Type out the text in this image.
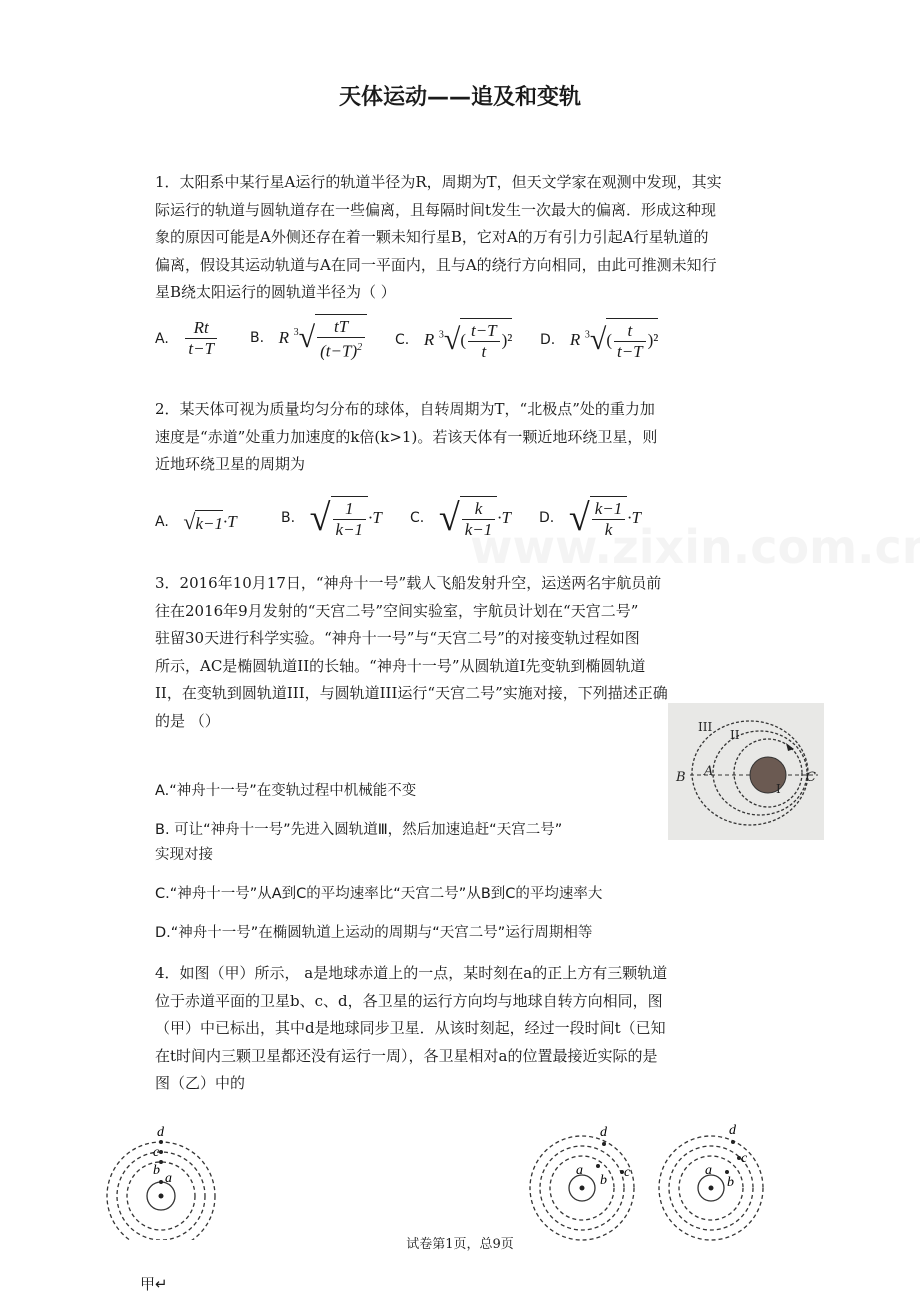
天体运动——追及和变轨
1．太阳系中某行星A运行的轨道半径为R，周期为T，但天文学家在观测中发现，其实
际运行的轨道与圆轨道存在一些偏离，且每隔时间t发生一次最大的偏离．形成这种现
象的原因可能是A外侧还存在着一颗未知行星B，它对A的万有引力引起A行星轨道的
偏离，假设其运动轨道与A在同一平面内，且与A的绕行方向相同，由此可推测未知行
星B绕太阳运行的圆轨道半径为（ ）
A. $\frac{Rt}{t-T} B$. R $^3√ \frac{tT}{(t-T)^2} C$. R $^3√( \frac{t-T}{t} )^2$ D. R $^3√( \frac{t}{t-T} )^2$
2．某天体可视为质量均匀分布的球体，自转周期为T，“北极点”处的重力加
速度是“赤道”处重力加速度的k倍(k>1)。若该天体有一颗近地环绕卫星，则
近地环绕卫星的周期为
A. √k−1·T	B. √ $\frac{1}{k-1} \cdot T$ C. √ $\frac{k}{k-1} \cdot T$ D. √ $\frac{k-1}{k} \cdot T$
3．2016年10月17日，“神舟十一号”载人飞船发射升空，运送两名宇航员前
往在2016年9月发射的“天宫二号”空间实验室，宇航员计划在“天宫二号”
驻留30天进行科学实验。“神舟十一号”与“天宫二号”的对接变轨过程如图
所示，AC是椭圆轨道II的长轴。“神舟十一号”从圆轨道I先变轨到椭圆轨道
II，在变轨到圆轨道III，与圆轨道III运行“天宫二号”实施对接，下列描述正确
的是 （）	III
II
I
B A	C
A.“神舟十一号”在变轨过程中机械能不变
B. 可让“神舟十一号”先进入圆轨道Ⅲ，然后加速追赶“天宫二号”
实现对接
C.“神舟十一号”从A到C的平均速率比“天宫二号”从B到C的平均速率大
D.“神舟十一号”在椭圆轨道上运动的周期与“天宫二号”运行周期相等
4．如图（甲）所示， a是地球赤道上的一点，某时刻在a的正上方有三颗轨道
位于赤道平面的卫星b、c、d，各卫星的运行方向均与地球自转方向相同，图
（甲）中已标出，其中d是地球同步卫星．从该时刻起，经过一段时间t（已知
在t时间内三颗卫星都还没有运行一周），各卫星相对a的位置最接近实际的是
图（乙）中的
d
c
b
a
d
c
b
a
d
c
b
a
试卷第1页，总9页
甲↵
